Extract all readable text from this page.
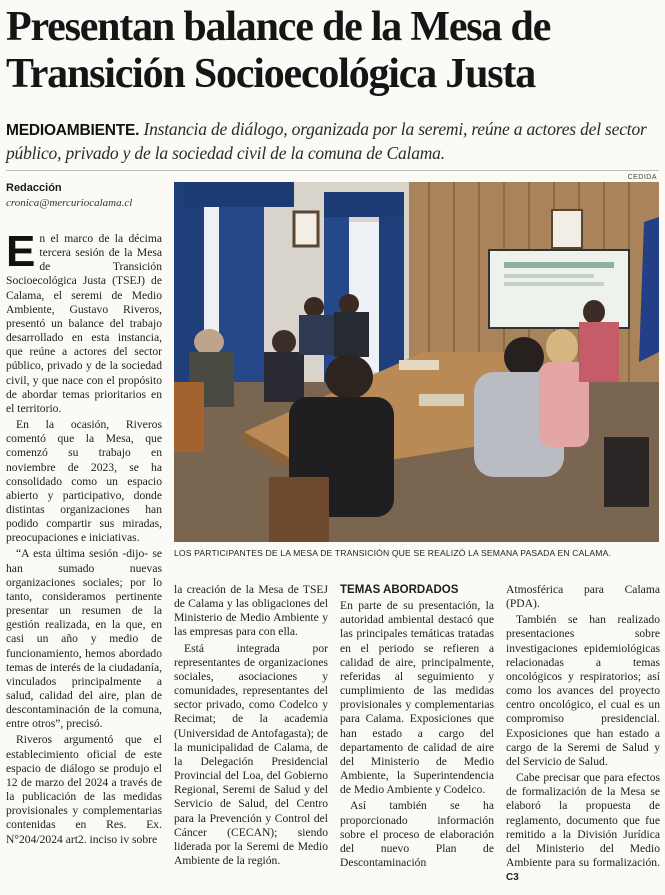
Presentan balance de la Mesa de
Transición Socioecológica Justa
MEDIOAMBIENTE. Instancia de diálogo, organizada por la seremi, reúne a actores del sector público, privado y de la sociedad civil de la comuna de Calama.
Redacción
cronica@mercuriocalama.cl
CEDIDA
LOS PARTICIPANTES DE LA MESA DE TRANSICIÓN QUE SE REALIZÓ LA SEMANA PASADA EN CALAMA.

En el marco de la décima tercera sesión de la Mesa de Transición Socioecológica Justa (TSEJ) de Calama, el seremi de Medio Ambiente, Gustavo Riveros, presentó un balance del trabajo desarrollado en esta instancia, que reúne a actores del sector público, privado y de la sociedad civil, y que nace con el propósito de abordar temas prioritarios en el territorio.

En la ocasión, Riveros comentó que la Mesa, que comenzó su trabajo en noviembre de 2023, se ha consolidado como un espacio abierto y participativo, donde distintas organizaciones han podido compartir sus miradas, preocupaciones e iniciativas.

“A esta última sesión -dijo- se han sumado nuevas organizaciones sociales; por lo tanto, consideramos pertinente presentar un resumen de la gestión realizada, en la que, en casi un año y medio de funcionamiento, hemos abordado temas de interés de la ciudadanía, vinculados principalmente a salud, calidad del aire, plan de descontaminación de la comuna, entre otros”, precisó.

Riveros argumentó que el establecimiento oficial de este espacio de diálogo se produjo el 12 de marzo del 2024 a través de la publicación de las medidas provisionales y complementarias contenidas en Res. Ex. N°204/2024 art2. inciso iv sobre

la creación de la Mesa de TSEJ de Calama y las obligaciones del Ministerio de Medio Ambiente y las empresas para con ella.

Está integrada por representantes de organizaciones sociales, asociaciones y comunidades, representantes del sector privado, como Codelco y Recimat; de la academia (Universidad de Antofagasta); de la municipalidad de Calama, de la Delegación Presidencial Provincial del Loa, del Gobierno Regional, Seremi de Salud y del Servicio de Salud, del Centro para la Prevención y Control del Cáncer (CECAN); siendo liderada por la Seremi de Medio Ambiente de la región.

TEMAS ABORDADOS

En parte de su presentación, la autoridad ambiental destacó que las principales temáticas tratadas en el periodo se refieren a calidad de aire, principalmente, referidas al seguimiento y cumplimiento de las medidas provisionales y complementarias para Calama. Exposiciones que han estado a cargo del departamento de calidad de aire del Ministerio de Medio Ambiente, la Superintendencia de Medio Ambiente y Codelco.

Así también se ha proporcionado información sobre el proceso de elaboración del nuevo Plan de Descontaminación

Atmosférica para Calama (PDA).

También se han realizado presentaciones sobre investigaciones epidemiológicas relacionadas a temas oncológicos y respiratorios; así como los avances del proyecto centro oncológico, el cual es un compromiso presidencial. Exposiciones que han estado a cargo de la Seremi de Salud y del Servicio de Salud.

Cabe precisar que para efectos de formalización de la Mesa se elaboró la propuesta de reglamento, documento que fue remitido a la División Jurídica del Ministerio del Medio Ambiente para su formalización. C3
